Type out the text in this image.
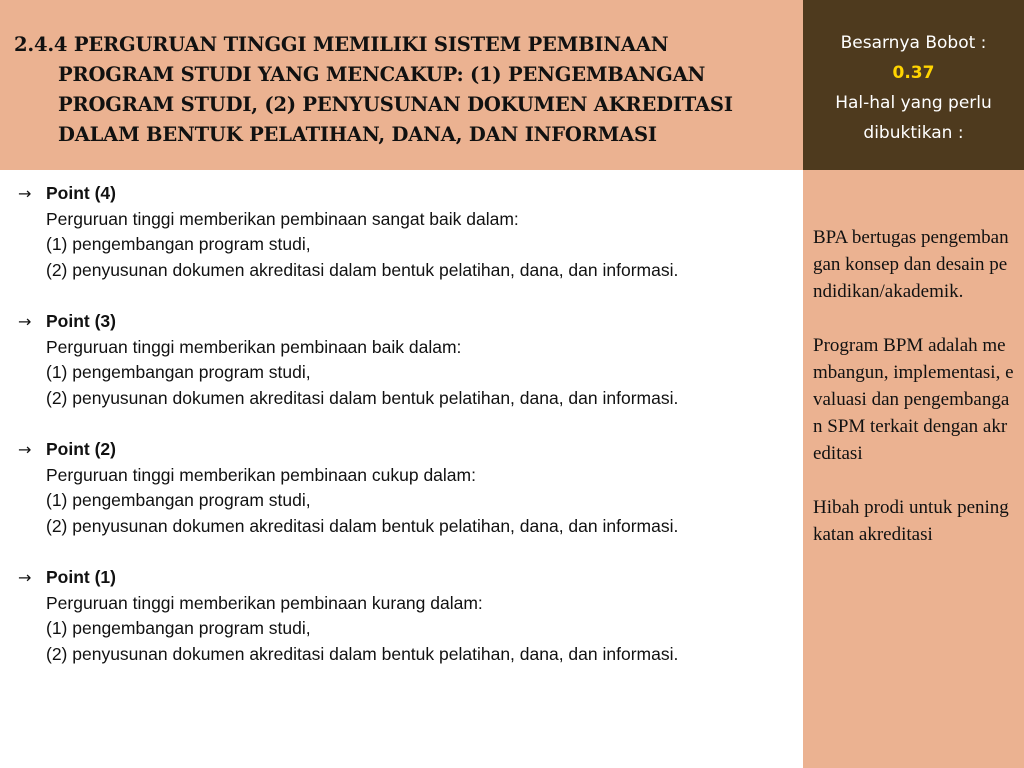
2.4.4 PERGURUAN TINGGI MEMILIKI SISTEM PEMBINAAN PROGRAM STUDI YANG MENCAKUP: (1) PENGEMBANGAN PROGRAM STUDI, (2) PENYUSUNAN DOKUMEN AKREDITASI DALAM BENTUK PELATIHAN, DANA, DAN INFORMASI
Besarnya Bobot :
0.37
Hal-hal yang perlu dibuktikan :
→ Point (4)
Perguruan tinggi memberikan pembinaan sangat baik dalam:
(1) pengembangan program studi,
(2) penyusunan dokumen akreditasi dalam bentuk pelatihan, dana, dan informasi.
→ Point (3)
Perguruan tinggi memberikan pembinaan baik dalam:
(1) pengembangan program studi,
(2) penyusunan dokumen akreditasi dalam bentuk pelatihan, dana, dan informasi.
→ Point (2)
Perguruan tinggi memberikan pembinaan cukup dalam:
(1) pengembangan program studi,
(2) penyusunan dokumen akreditasi dalam bentuk pelatihan, dana, dan informasi.
→ Point (1)
Perguruan tinggi memberikan pembinaan kurang dalam:
(1) pengembangan program studi,
(2) penyusunan dokumen akreditasi dalam bentuk pelatihan, dana, dan informasi.

BPA bertugas pengembangan konsep dan desain pendidikan/akademik.

Program BPM adalah membangun, implementasi, evaluasi dan pengembangan SPM terkait dengan akreditasi

Hibah prodi untuk peningkatan akreditasi
